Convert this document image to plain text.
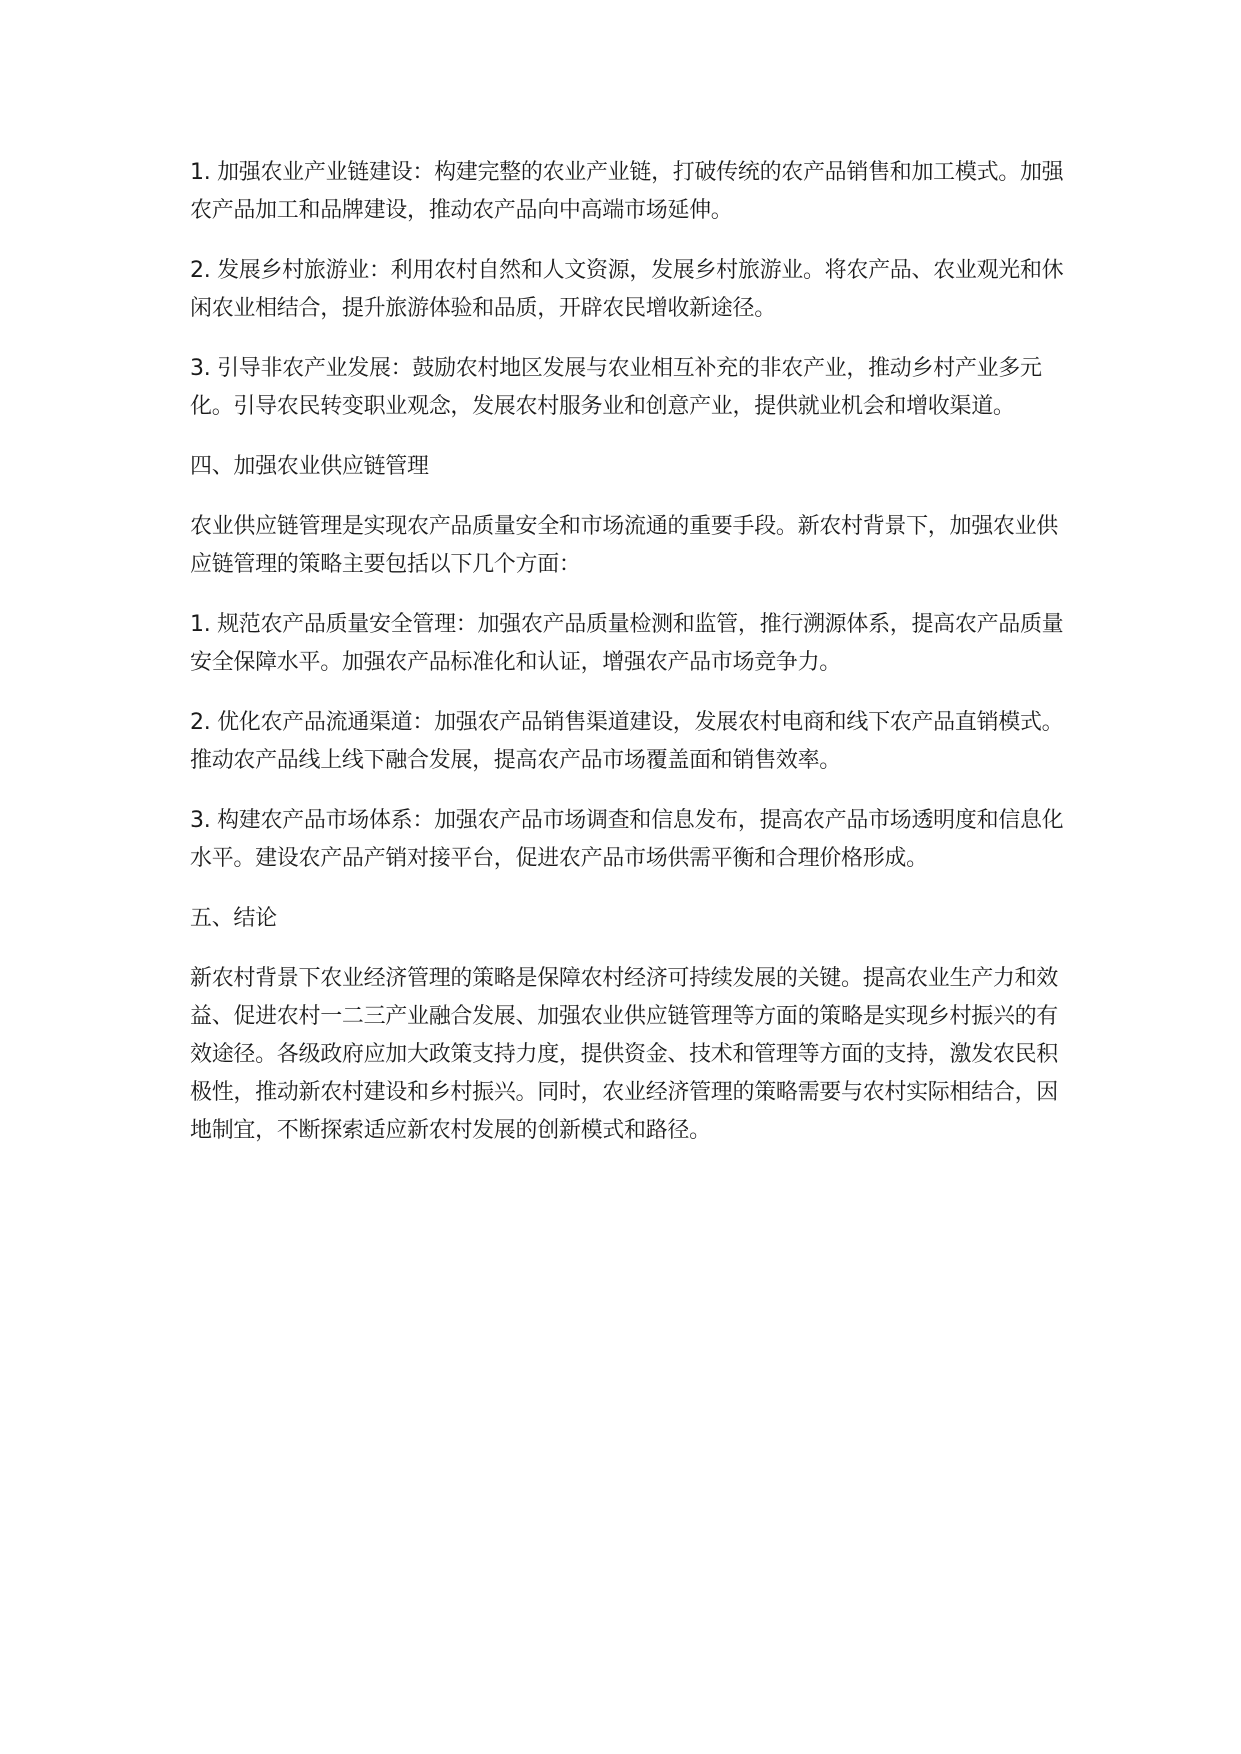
1. 加强农业产业链建设：构建完整的农业产业链，打破传统的农产品销售和加工模式。加强农产品加工和品牌建设，推动农产品向中高端市场延伸。

2. 发展乡村旅游业：利用农村自然和人文资源，发展乡村旅游业。将农产品、农业观光和休闲农业相结合，提升旅游体验和品质，开辟农民增收新途径。

3. 引导非农产业发展：鼓励农村地区发展与农业相互补充的非农产业，推动乡村产业多元化。引导农民转变职业观念，发展农村服务业和创意产业，提供就业机会和增收渠道。

四、加强农业供应链管理

农业供应链管理是实现农产品质量安全和市场流通的重要手段。新农村背景下，加强农业供应链管理的策略主要包括以下几个方面：

1. 规范农产品质量安全管理：加强农产品质量检测和监管，推行溯源体系，提高农产品质量安全保障水平。加强农产品标准化和认证，增强农产品市场竞争力。

2. 优化农产品流通渠道：加强农产品销售渠道建设，发展农村电商和线下农产品直销模式。推动农产品线上线下融合发展，提高农产品市场覆盖面和销售效率。

3. 构建农产品市场体系：加强农产品市场调查和信息发布，提高农产品市场透明度和信息化水平。建设农产品产销对接平台，促进农产品市场供需平衡和合理价格形成。

五、结论

新农村背景下农业经济管理的策略是保障农村经济可持续发展的关键。提高农业生产力和效益、促进农村一二三产业融合发展、加强农业供应链管理等方面的策略是实现乡村振兴的有效途径。各级政府应加大政策支持力度，提供资金、技术和管理等方面的支持，激发农民积极性，推动新农村建设和乡村振兴。同时，农业经济管理的策略需要与农村实际相结合，因地制宜，不断探索适应新农村发展的创新模式和路径。
